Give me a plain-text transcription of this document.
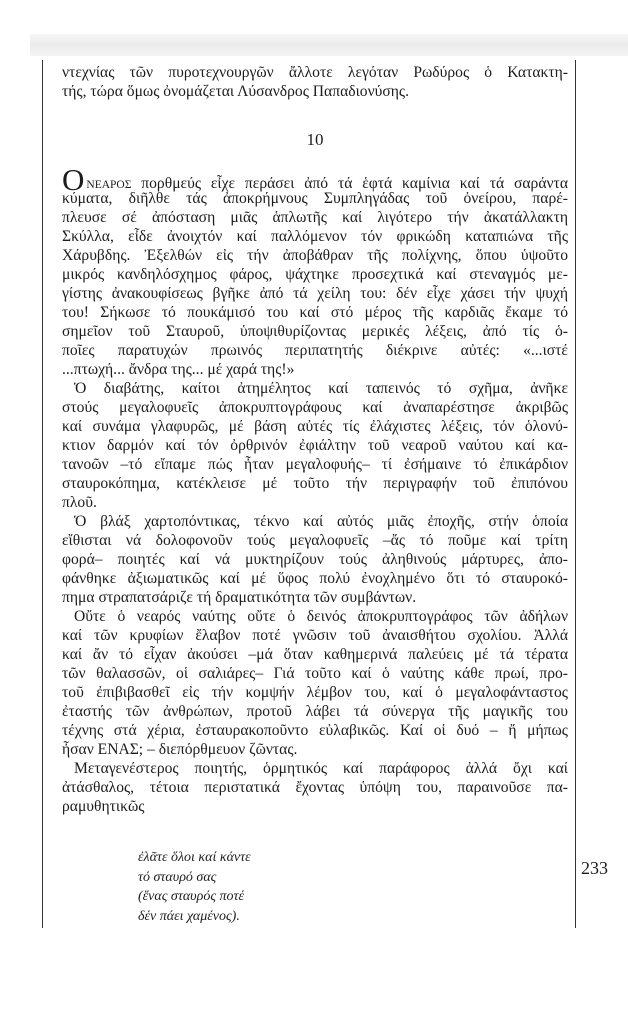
ντεχνίας τῶν πυροτεχνουργῶν ἄλλοτε λεγόταν Ρωδύρος ὁ Κατακτη-
τής, τώρα ὅμως ὀνομάζεται Λύσανδρος Παπαδιονύσης.
10
OΝΕΑΡΟΣ πορθμεύς εἶχε περάσει ἀπό τά ἑφτά καμίνια καί τά σαράντα
κύματα, διῆλθε τάς ἀποκρήμνους Συμπληγάδας τοῦ ὀνείρου, παρέ-
πλευσε σέ ἀπόσταση μιᾶς ἁπλωτῆς καί λιγότερο τήν ἀκατάλλακτη
Σκύλλα, εἶδε ἀνοιχτόν καί παλλόμενον τόν φρικώδη καταπιώνα τῆς
Χάρυβδης. Ἐξελθών εἰς τήν ἀποβάθραν τῆς πολίχνης, ὅπου ὑψοῦτο
μικρός κανδηλόσχημος φάρος, ψάχτηκε προσεχτικά καί στεναγμός με-
γίστης ἀνακουφίσεως βγῆκε ἀπό τά χείλη του: δέν εἶχε χάσει τήν ψυχή
του! Σήκωσε τό πουκάμισό του καί στό μέρος τῆς καρδιᾶς ἔκαμε τό
σημεῖον τοῦ Σταυροῦ, ὑποψιθυρίζοντας μερικές λέξεις, ἀπό τίς ὁ-
ποῖες παρατυχών πρωινός περιπατητής διέκρινε αὐτές: «...ιστέ
...πτωχή... ἄνδρα της... μέ χαρά της!»
Ὁ διαβάτης, καίτοι ἀτημέλητος καί ταπεινός τό σχῆμα, ἀνῆκε
στούς μεγαλοφυεῖς ἀποκρυπτογράφους καί ἀναπαρέστησε ἀκριβῶς
καί συνάμα γλαφυρῶς, μέ βάση αὐτές τίς ἐλάχιστες λέξεις, τόν ὁλονύ-
κτιον δαρμόν καί τόν ὀρθρινόν ἐφιάλτην τοῦ νεαροῦ ναύτου καί κα-
τανοῶν –τό εἴπαμε πώς ἦταν μεγαλοφυής– τί ἐσήμαινε τό ἐπικάρδιον
σταυροκόπημα, κατέκλεισε μέ τοῦτο τήν περιγραφήν τοῦ ἐπιπόνου
πλοῦ.
Ὁ βλάξ χαρτοπόντικας, τέκνο καί αὐτός μιᾶς ἐποχῆς, στήν ὁποία
εἴθισται νά δολοφονοῦν τούς μεγαλοφυεῖς –ἄς τό ποῦμε καί τρίτη
φορά– ποιητές καί νά μυκτηρίζουν τούς ἀληθινούς μάρτυρες, ἀπο-
φάνθηκε ἀξιωματικῶς καί μέ ὕφος πολύ ἐνοχλημένο ὅτι τό σταυροκό-
πημα στραπατσάριζε τή δραματικότητα τῶν συμβάντων.
Οὔτε ὁ νεαρός ναύτης οὔτε ὁ δεινός ἀποκρυπτογράφος τῶν ἀδήλων
καί τῶν κρυφίων ἔλαβον ποτέ γνῶσιν τοῦ ἀναισθήτου σχολίου. Ἀλλά
καί ἄν τό εἶχαν ἀκούσει –μά ὅταν καθημερινά παλεύεις μέ τά τέρατα
τῶν θαλασσῶν, οἱ σαλιάρες– Γιά τοῦτο καί ὁ ναύτης κάθε πρωί, προ-
τοῦ ἐπιβιβασθεῖ εἰς τήν κομψήν λέμβον του, καί ὁ μεγαλοφάνταστος
ἐταστής τῶν ἀνθρώπων, προτοῦ λάβει τά σύνεργα τῆς μαγικῆς του
τέχνης στά χέρια, ἐσταυρακοποῦντο εὐλαβικῶς. Καί οἱ δυό – ἤ μήπως
ἦσαν ΕΝΑΣ; – διεπόρθμευον ζῶντας.
Μεταγενέστερος ποιητής, ὁρμητικός καί παράφορος ἀλλά ὄχι καί
ἀτάσθαλος, τέτοια περιστατικά ἔχοντας ὑπόψη του, παραινοῦσε πα-
ραμυθητικῶς
ἐλᾶτε ὅλοι καί κάντε
τό σταυρό σας
(ἕνας σταυρός ποτέ
δέν πάει χαμένος).
233
